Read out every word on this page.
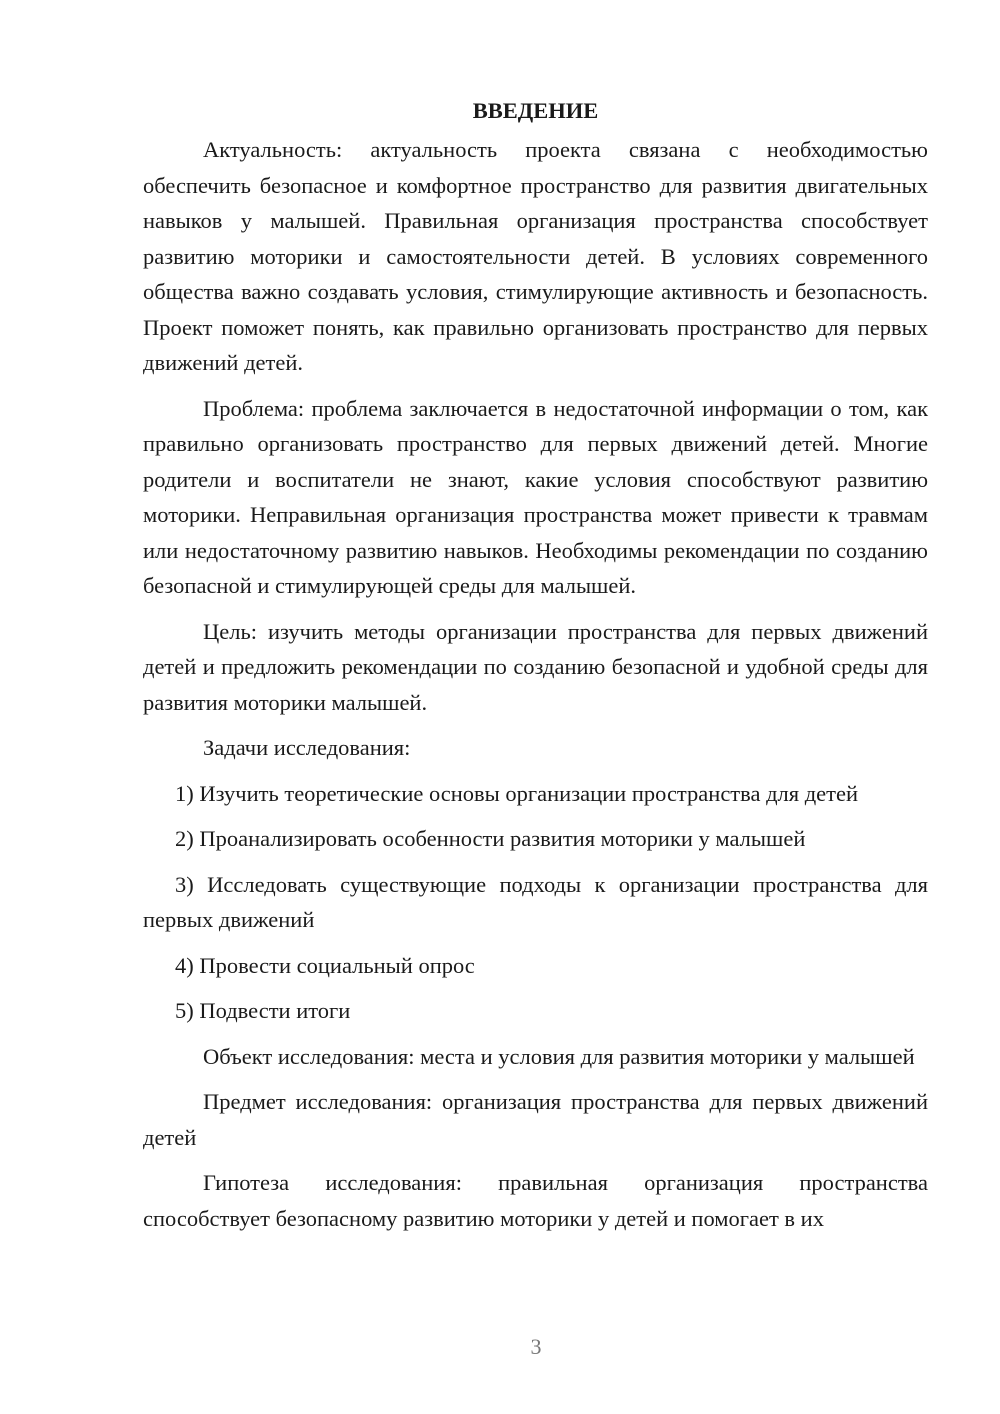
ВВЕДЕНИЕ

Актуальность: актуальность проекта связана с необходимостью обеспечить безопасное и комфортное пространство для развития двигательных навыков у малышей. Правильная организация пространства способствует развитию моторики и самостоятельности детей. В условиях современного общества важно создавать условия, стимулирующие активность и безопасность. Проект поможет понять, как правильно организовать пространство для первых движений детей.

Проблема: проблема заключается в недостаточной информации о том, как правильно организовать пространство для первых движений детей. Многие родители и воспитатели не знают, какие условия способствуют развитию моторики. Неправильная организация пространства может привести к травмам или недостаточному развитию навыков. Необходимы рекомендации по созданию безопасной и стимулирующей среды для малышей.

Цель: изучить методы организации пространства для первых движений детей и предложить рекомендации по созданию безопасной и удобной среды для развития моторики малышей.

Задачи исследования:

1) Изучить теоретические основы организации пространства для детей

2) Проанализировать особенности развития моторики у малышей

3) Исследовать существующие подходы к организации пространства для первых движений

4) Провести социальный опрос

5) Подвести итоги

Объект исследования: места и условия для развития моторики у малышей

Предмет исследования: организация пространства для первых движений детей

Гипотеза исследования: правильная организация пространства способствует безопасному развитию моторики у детей и помогает в их

3
